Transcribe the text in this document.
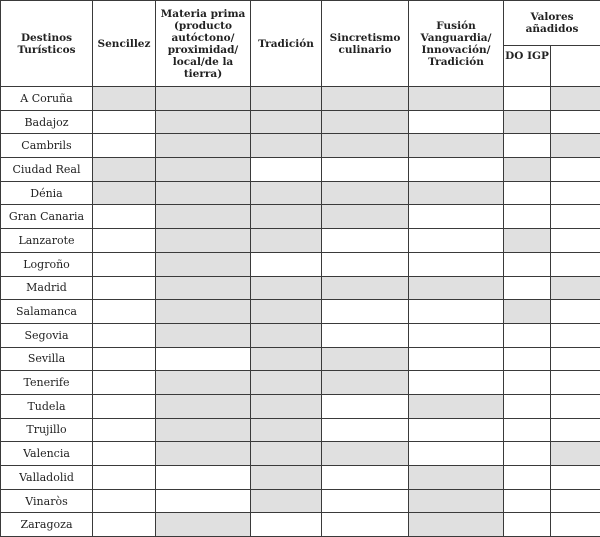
Destinos Turísticos	Sencillez	Materia prima (producto autóctono/ proximidad/ local/de la tierra)	Tradición	Sincretismo culinario	Fusión Vanguardia/ Innovación/ Tradición	Valores añadidos	
						DO IGP	
A Coruña							
Badajoz							
Cambrils							
Ciudad Real							
Dénia							
Gran Canaria							
Lanzarote							
Logroño							
Madrid							
Salamanca							
Segovia							
Sevilla							
Tenerife							
Tudela							
Trujillo							
Valencia							
Valladolid							
Vinaròs							
Zaragoza							
